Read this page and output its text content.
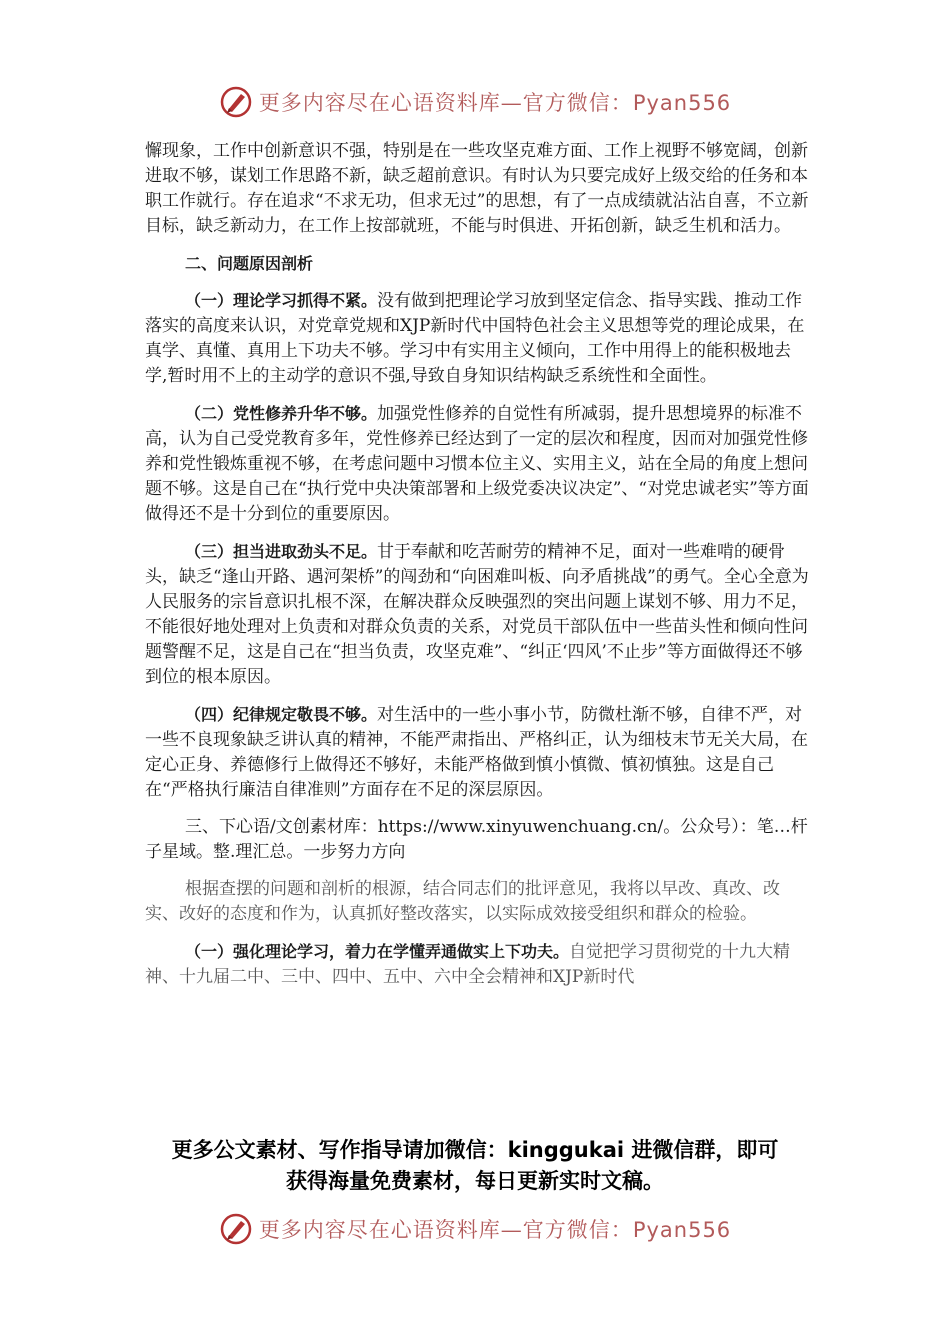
更多内容尽在心语资料库—官方微信：Pyan556

懈现象，工作中创新意识不强，特别是在一些攻坚克难方面、工作上视野不够宽阔，创新进取不够，谋划工作思路不新，缺乏超前意识。有时认为只要完成好上级交给的任务和本职工作就行。存在追求“不求无功，但求无过”的思想，有了一点成绩就沾沾自喜，不立新目标，缺乏新动力，在工作上按部就班，不能与时俱进、开拓创新，缺乏生机和活力。

二、问题原因剖析

（一）理论学习抓得不紧。没有做到把理论学习放到坚定信念、指导实践、推动工作落实的高度来认识，对党章党规和XJP新时代中国特色社会主义思想等党的理论成果，在真学、真懂、真用上下功夫不够。学习中有实用主义倾向，工作中用得上的能积极地去学,暂时用不上的主动学的意识不强,导致自身知识结构缺乏系统性和全面性。

（二）党性修养升华不够。加强党性修养的自觉性有所减弱，提升思想境界的标准不高，认为自己受党教育多年，党性修养已经达到了一定的层次和程度，因而对加强党性修养和党性锻炼重视不够，在考虑问题中习惯本位主义、实用主义，站在全局的角度上想问题不够。这是自己在“执行党中央决策部署和上级党委决议决定”、“对党忠诚老实”等方面做得还不是十分到位的重要原因。

（三）担当进取劲头不足。甘于奉献和吃苦耐劳的精神不足，面对一些难啃的硬骨头，缺乏“逢山开路、遇河架桥”的闯劲和“向困难叫板、向矛盾挑战”的勇气。全心全意为人民服务的宗旨意识扎根不深，在解决群众反映强烈的突出问题上谋划不够、用力不足，不能很好地处理对上负责和对群众负责的关系，对党员干部队伍中一些苗头性和倾向性问题警醒不足，这是自己在“担当负责，攻坚克难”、“纠正‘四风’不止步”等方面做得还不够到位的根本原因。

（四）纪律规定敬畏不够。对生活中的一些小事小节，防微杜渐不够，自律不严，对一些不良现象缺乏讲认真的精神，不能严肃指出、严格纠正，认为细枝末节无关大局，在定心正身、养德修行上做得还不够好，未能严格做到慎小慎微、慎初慎独。这是自己在“严格执行廉洁自律准则”方面存在不足的深层原因。

三、下心语/文创素材库：https://www.xinyuwenchuang.cn/。公众号）：笔…杆子星域。整.理汇总。一步努力方向

根据查摆的问题和剖析的根源，结合同志们的批评意见，我将以早改、真改、改实、改好的态度和作为，认真抓好整改落实，以实际成效接受组织和群众的检验。

（一）强化理论学习，着力在学懂弄通做实上下功夫。自觉把学习贯彻党的十九大精神、十九届二中、三中、四中、五中、六中全会精神和XJP新时代

更多公文素材、写作指导请加微信：kinggukai 进微信群，即可
获得海量免费素材，每日更新实时文稿。
更多内容尽在心语资料库—官方微信：Pyan556
